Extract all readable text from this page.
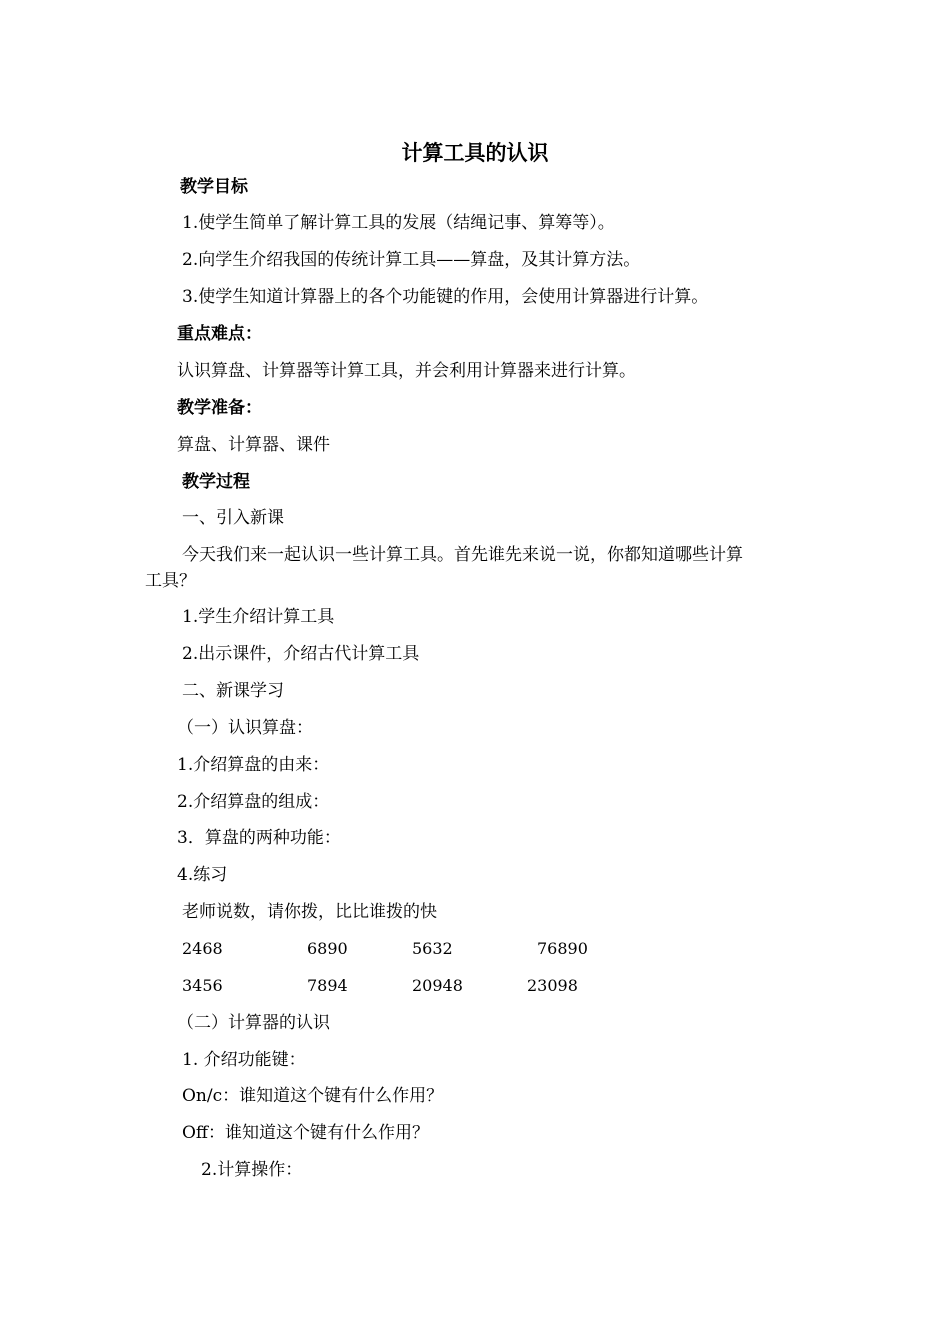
计算工具的认识
教学目标
1.使学生简单了解计算工具的发展（结绳记事、算筹等）。
2.向学生介绍我国的传统计算工具——算盘，及其计算方法。
3.使学生知道计算器上的各个功能键的作用，会使用计算器进行计算。
重点难点：
认识算盘、计算器等计算工具，并会利用计算器来进行计算。
教学准备：
算盘、计算器、课件
教学过程
一、引入新课
今天我们来一起认识一些计算工具。首先谁先来说一说，你都知道哪些计算
工具？
1.学生介绍计算工具
2.出示课件，介绍古代计算工具
二、新课学习
（一）认识算盘：
1.介绍算盘的由来：
2.介绍算盘的组成：
3．算盘的两种功能：
4.练习
老师说数，请你拨，比比谁拨的快
2468	6890	5632	76890
3456	7894	20948	23098
（二）计算器的认识
1. 介绍功能键：
On/c：谁知道这个键有什么作用？
Off：谁知道这个键有什么作用？
2.计算操作：
